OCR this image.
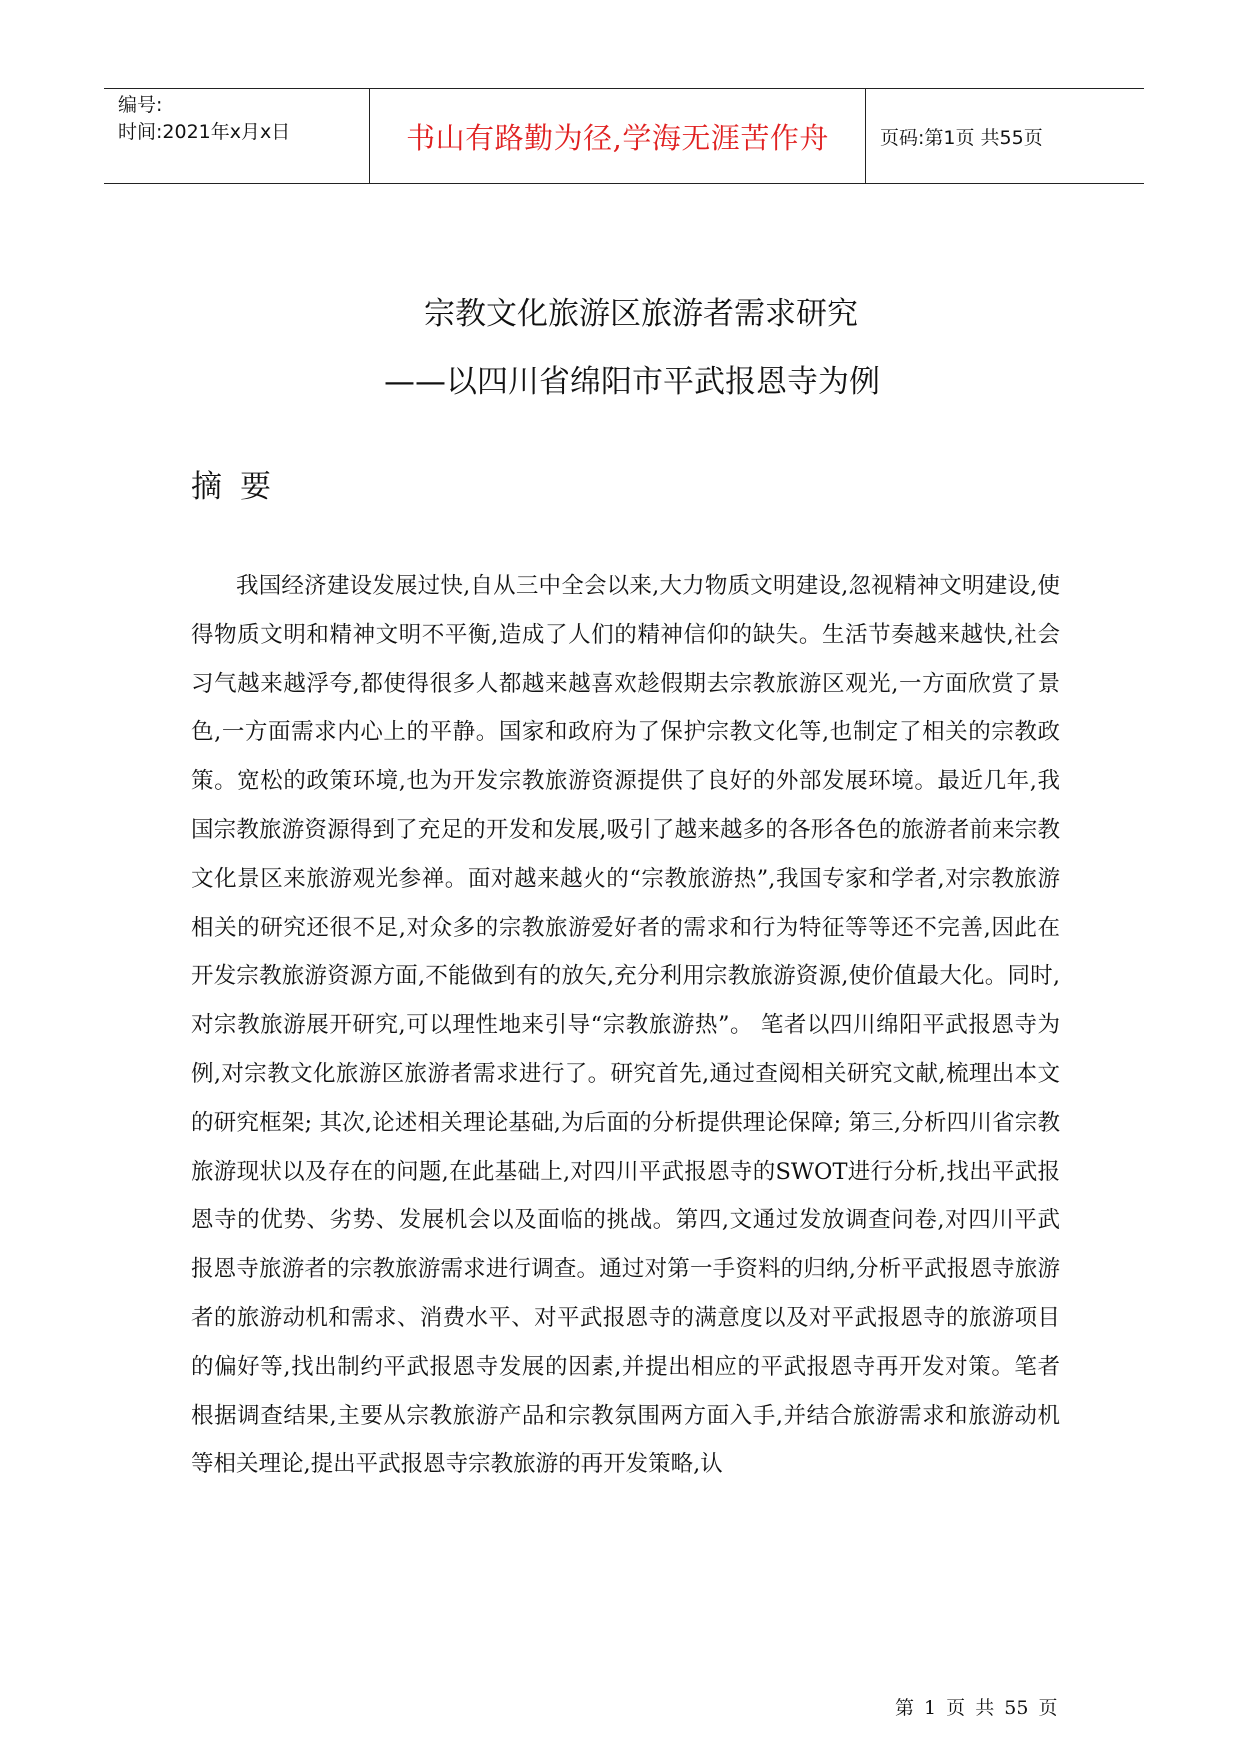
编号:
时间:2021年x月x日	书山有路勤为径,学海无涯苦作舟	页码:第1页 共55页
宗教文化旅游区旅游者需求研究
——以四川省绵阳市平武报恩寺为例
摘要

我国经济建设发展过快,自从三中全会以来,大力物质文明建设,忽视精神文明建设,使得物质文明和精神文明不平衡,造成了人们的精神信仰的缺失。生活节奏越来越快,社会习气越来越浮夸,都使得很多人都越来越喜欢趁假期去宗教旅游区观光,一方面欣赏了景色,一方面需求内心上的平静。国家和政府为了保护宗教文化等,也制定了相关的宗教政策。宽松的政策环境,也为开发宗教旅游资源提供了良好的外部发展环境。最近几年,我国宗教旅游资源得到了充足的开发和发展,吸引了越来越多的各形各色的旅游者前来宗教文化景区来旅游观光参禅。面对越来越火的“宗教旅游热”,我国专家和学者,对宗教旅游相关的研究还很不足,对众多的宗教旅游爱好者的需求和行为特征等等还不完善,因此在开发宗教旅游资源方面,不能做到有的放矢,充分利用宗教旅游资源,使价值最大化。同时,对宗教旅游展开研究,可以理性地来引导“宗教旅游热”。 笔者以四川绵阳平武报恩寺为例,对宗教文化旅游区旅游者需求进行了。研究首先,通过查阅相关研究文献,梳理出本文的研究框架; 其次,论述相关理论基础,为后面的分析提供理论保障; 第三,分析四川省宗教旅游现状以及存在的问题,在此基础上,对四川平武报恩寺的SWOT进行分析,找出平武报恩寺的优势、劣势、发展机会以及面临的挑战。第四,文通过发放调查问卷,对四川平武报恩寺旅游者的宗教旅游需求进行调查。通过对第一手资料的归纳,分析平武报恩寺旅游者的旅游动机和需求、消费水平、对平武报恩寺的满意度以及对平武报恩寺的旅游项目的偏好等,找出制约平武报恩寺发展的因素,并提出相应的平武报恩寺再开发对策。笔者根据调查结果,主要从宗教旅游产品和宗教氛围两方面入手,并结合旅游需求和旅游动机等相关理论,提出平武报恩寺宗教旅游的再开发策略,认

第 1 页 共 55 页
